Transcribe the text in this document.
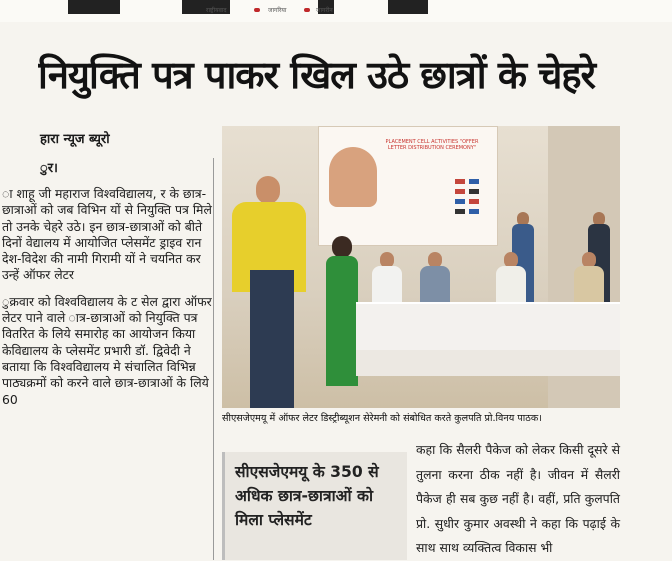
राष्ट्रीयवाद	जागरिया	जागरीन
नियुक्ति पत्र पाकर खिल उठे छात्रों के चेहरे
हारा न्यूज ब्यूरो
ुर।

ा शाहू जी महाराज विश्वविद्यालय, र के छात्र-छात्राओं को जब विभिन यों से नियुक्ति पत्र मिले तो उनके चेहरे उठे। इन छात्र-छात्राओं को बीते दिनों वेद्यालय में आयोजित प्लेसमेंट ड्राइव रान देश-विदेश की नामी गिरामी यों ने चयनित कर उन्हें ऑफर लेटर

ुक्रवार को विश्वविद्यालय के ट सेल द्वारा ऑफर लेटर पाने वाले ात्र-छात्राओं को नियुक्ति पत्र वितरित के लिये समारोह का आयोजन किया केविद्यालय के प्लेसमेंट प्रभारी डॉ. द्विवेदी ने बताया कि विश्वविद्यालय मे संचालित विभिन्न पाठ्यक्रमों को करने वाले छात्र-छात्राओं के लिये 60

PLACEMENT CELL ACTIVITIES "OFFER LETTER DISTRIBUTION CEREMONY"
सीएसजेएमयू में ऑफर लेटर डिस्ट्रीब्यूशन सेरेमनी को संबोधित करते कुलपति प्रो.विनय पाठक।
सीएसजेएमयू के 350 से अधिक छात्र-छात्राओं को मिला प्लेसमेंट

कहा कि सैलरी पैकेज को लेकर किसी दूसरे से तुलना करना ठीक नहीं है। जीवन में सैलरी पैकेज ही सब कुछ नहीं है। वहीं, प्रति कुलपति प्रो. सुधीर कुमार अवस्थी ने कहा कि पढ़ाई के साथ साथ व्यक्तित्व विकास भी
